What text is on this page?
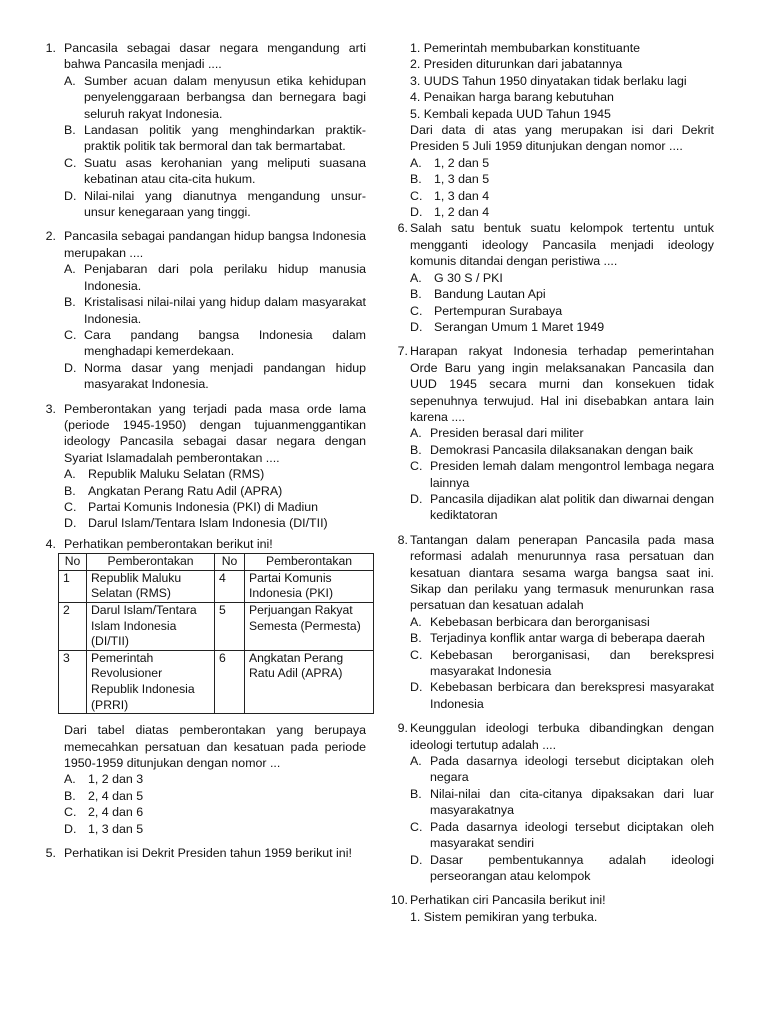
1. Pancasila sebagai dasar negara mengandung arti bahwa Pancasila menjadi ....
A. Sumber acuan dalam menyusun etika kehidupan penyelenggaraan berbangsa dan bernegara bagi seluruh rakyat Indonesia.
B. Landasan politik yang menghindarkan praktik-praktik politik tak bermoral dan tak bermartabat.
C. Suatu asas kerohanian yang meliputi suasana kebatinan atau cita-cita hukum.
D. Nilai-nilai yang dianutnya mengandung unsur-unsur kenegaraan yang tinggi.
2. Pancasila sebagai pandangan hidup bangsa Indonesia merupakan ....
A. Penjabaran dari pola perilaku hidup manusia Indonesia.
B. Kristalisasi nilai-nilai yang hidup dalam masyarakat Indonesia.
C. Cara pandang bangsa Indonesia dalam menghadapi kemerdekaan.
D. Norma dasar yang menjadi pandangan hidup masyarakat Indonesia.
3. Pemberontakan yang terjadi pada masa orde lama (periode 1945-1950) dengan tujuanmenggantikan ideology Pancasila sebagai dasar negara dengan Syariat Islamadalah pemberontakan ....
A. Republik Maluku Selatan (RMS)
B. Angkatan Perang Ratu Adil (APRA)
C. Partai Komunis Indonesia (PKI) di Madiun
D. Darul Islam/Tentara Islam Indonesia (DI/TII)
4. Perhatikan pemberontakan berikut ini!
No	Pemberontakan	No	Pemberontakan
1	Republik Maluku Selatan (RMS)	4	Partai Komunis Indonesia (PKI)
2	Darul Islam/Tentara Islam Indonesia (DI/TII)	5	Perjuangan Rakyat Semesta (Permesta)
3	Pemerintah Revolusioner Republik Indonesia (PRRI)	6	Angkatan Perang Ratu Adil (APRA)
Dari tabel diatas pemberontakan yang berupaya memecahkan persatuan dan kesatuan pada periode 1950-1959 ditunjukan dengan nomor ...
A. 1, 2 dan 3
B. 2, 4 dan 5
C. 2, 4 dan 6
D. 1, 3 dan 5
5. Perhatikan isi Dekrit Presiden tahun 1959 berikut ini!
1. Pemerintah membubarkan konstituante
2. Presiden diturunkan dari jabatannya
3. UUDS Tahun 1950 dinyatakan tidak berlaku lagi
4. Penaikan harga barang kebutuhan
5. Kembali kepada UUD Tahun 1945
Dari data di atas yang merupakan isi dari Dekrit Presiden 5 Juli 1959 ditunjukan dengan nomor ....
A. 1, 2 dan 5
B. 1, 3 dan 5
C. 1, 3 dan 4
D. 1, 2 dan 4
6. Salah satu bentuk suatu kelompok tertentu untuk mengganti ideology Pancasila menjadi ideology komunis ditandai dengan peristiwa ....
A. G 30 S / PKI
B. Bandung Lautan Api
C. Pertempuran Surabaya
D. Serangan Umum 1 Maret 1949
7. Harapan rakyat Indonesia terhadap pemerintahan Orde Baru yang ingin melaksanakan Pancasila dan UUD 1945 secara murni dan konsekuen tidak sepenuhnya terwujud. Hal ini disebabkan antara lain karena ....
A. Presiden berasal dari militer
B. Demokrasi Pancasila dilaksanakan dengan baik
C. Presiden lemah dalam mengontrol lembaga negara lainnya
D. Pancasila dijadikan alat politik dan diwarnai dengan kediktatoran
8. Tantangan dalam penerapan Pancasila pada masa reformasi adalah menurunnya rasa persatuan dan kesatuan diantara sesama warga bangsa saat ini. Sikap dan perilaku yang termasuk menurunkan rasa persatuan dan kesatuan adalah
A. Kebebasan berbicara dan berorganisasi
B. Terjadinya konflik antar warga di beberapa daerah
C. Kebebasan berorganisasi, dan berekspresi masyarakat Indonesia
D. Kebebasan berbicara dan berekspresi masyarakat Indonesia
9. Keunggulan ideologi terbuka dibandingkan dengan ideologi tertutup adalah ....
A. Pada dasarnya ideologi tersebut diciptakan oleh negara
B. Nilai-nilai dan cita-citanya dipaksakan dari luar masyarakatnya
C. Pada dasarnya ideologi tersebut diciptakan oleh masyarakat sendiri
D. Dasar pembentukannya adalah ideologi perseorangan atau kelompok
10. Perhatikan ciri Pancasila berikut ini!
1. Sistem pemikiran yang terbuka.
